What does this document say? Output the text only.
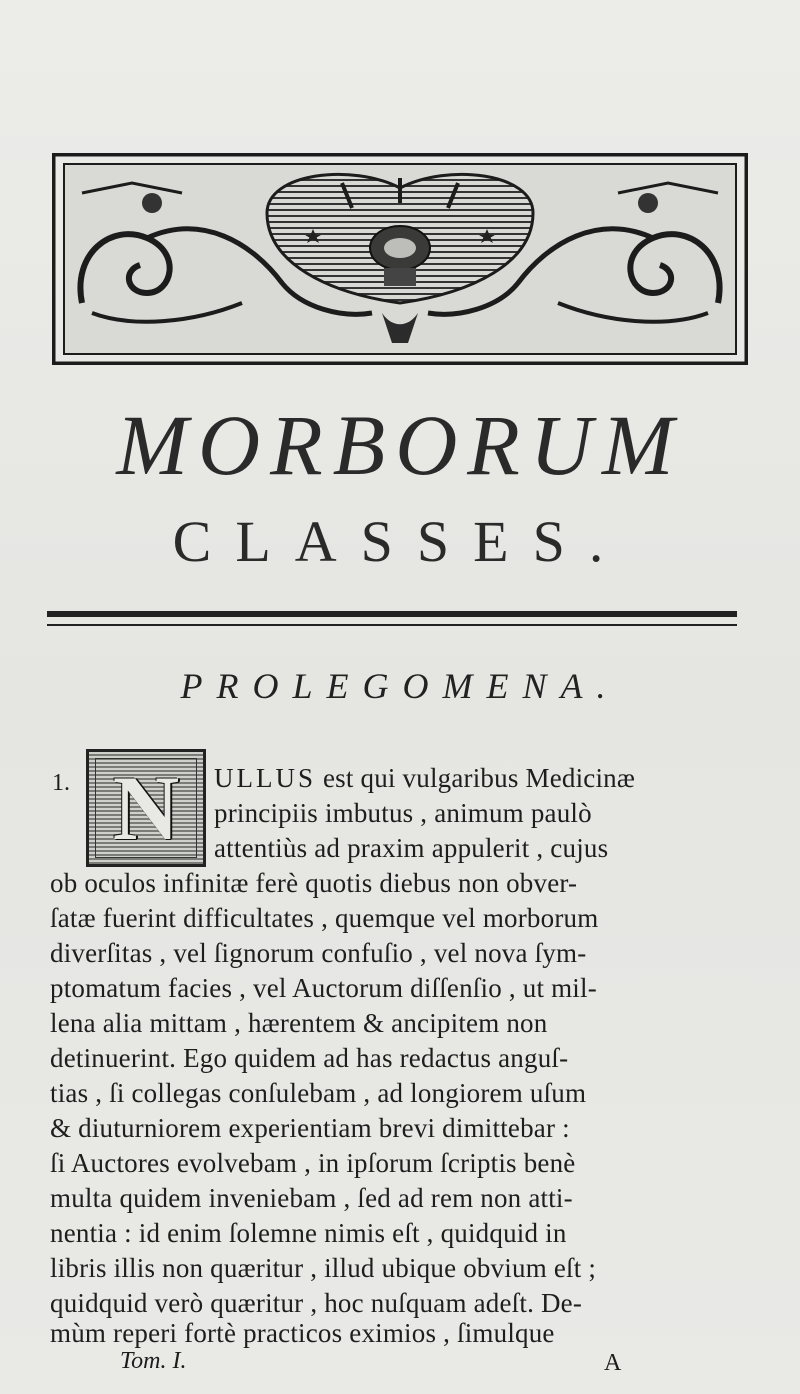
MORBORUM
CLASSES.
PROLEGOMENA.
1. N	ULLUS est qui vulgaribus Medicinæ
principiis imbutus , animum paulò
attentiùs ad praxim appulerit , cujus
ob oculos infinitæ ferè quotis diebus non obver-
ſatæ fuerint difficultates , quemque vel morborum
diverſitas , vel ſignorum confuſio , vel nova ſym-
ptomatum facies , vel Auctorum diſſenſio , ut mil-
lena alia mittam , hærentem & ancipitem non
detinuerint. Ego quidem ad has redactus anguſ-
tias , ſi collegas conſulebam , ad longiorem uſum
& diuturniorem experientiam brevi dimittebar :
ſi Auctores evolvebam , in ipſorum ſcriptis benè
multa quidem inveniebam , ſed ad rem non atti-
nentia : id enim ſolemne nimis eſt , quidquid in
libris illis non quæritur , illud ubique obvium eſt ;
quidquid verò quæritur , hoc nuſquam adeſt. De-
mùm reperi fortè practicos eximios , ſimulque
Tom. I.	A
